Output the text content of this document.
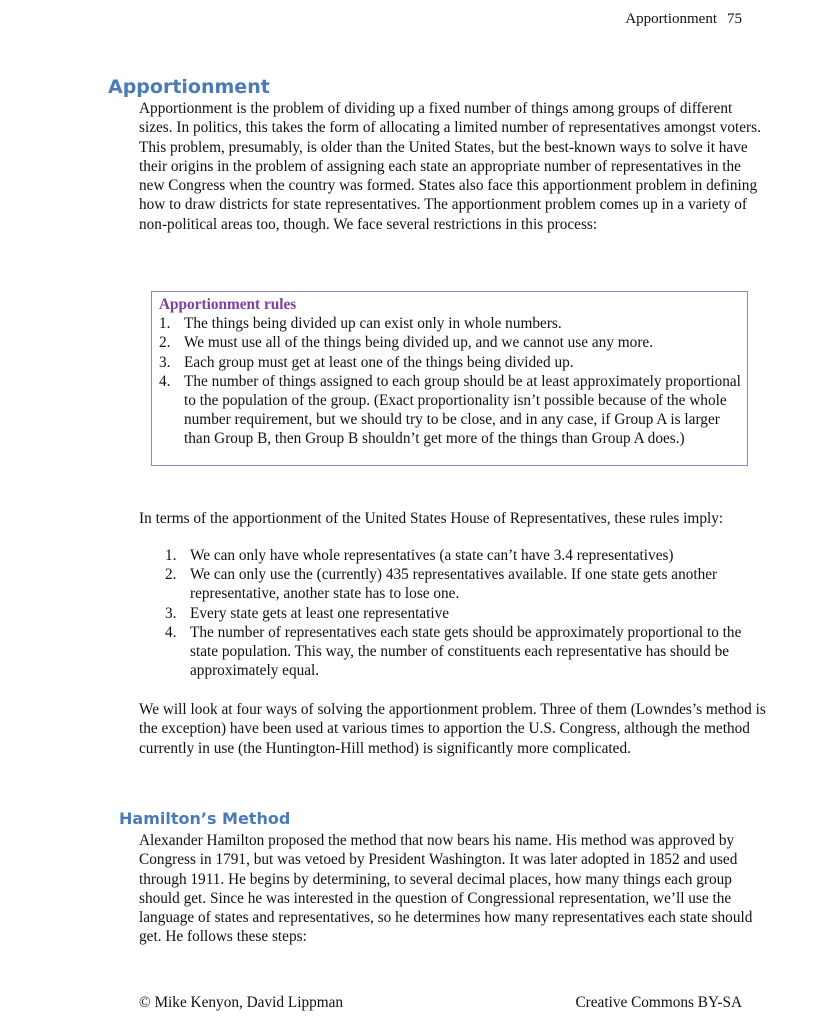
Apportionment 75
Apportionment

Apportionment is the problem of dividing up a fixed number of things among groups of different sizes. In politics, this takes the form of allocating a limited number of representatives amongst voters. This problem, presumably, is older than the United States, but the best-known ways to solve it have their origins in the problem of assigning each state an appropriate number of representatives in the new Congress when the country was formed. States also face this apportionment problem in defining how to draw districts for state representatives. The apportionment problem comes up in a variety of non-political areas too, though. We face several restrictions in this process:

Apportionment rules
1. The things being divided up can exist only in whole numbers.
2. We must use all of the things being divided up, and we cannot use any more.
3. Each group must get at least one of the things being divided up.
4. The number of things assigned to each group should be at least approximately proportional to the population of the group. (Exact proportionality isn’t possible because of the whole number requirement, but we should try to be close, and in any case, if Group A is larger than Group B, then Group B shouldn’t get more of the things than Group A does.)

In terms of the apportionment of the United States House of Representatives, these rules imply:

1. We can only have whole representatives (a state can’t have 3.4 representatives)
2. We can only use the (currently) 435 representatives available. If one state gets another representative, another state has to lose one.
3. Every state gets at least one representative
4. The number of representatives each state gets should be approximately proportional to the state population. This way, the number of constituents each representative has should be approximately equal.

We will look at four ways of solving the apportionment problem. Three of them (Lowndes’s method is the exception) have been used at various times to apportion the U.S. Congress, although the method currently in use (the Huntington-Hill method) is significantly more complicated.

Hamilton’s Method

Alexander Hamilton proposed the method that now bears his name. His method was approved by Congress in 1791, but was vetoed by President Washington. It was later adopted in 1852 and used through 1911. He begins by determining, to several decimal places, how many things each group should get. Since he was interested in the question of Congressional representation, we’ll use the language of states and representatives, so he determines how many representatives each state should get. He follows these steps:

© Mike Kenyon, David Lippman	Creative Commons BY-SA
